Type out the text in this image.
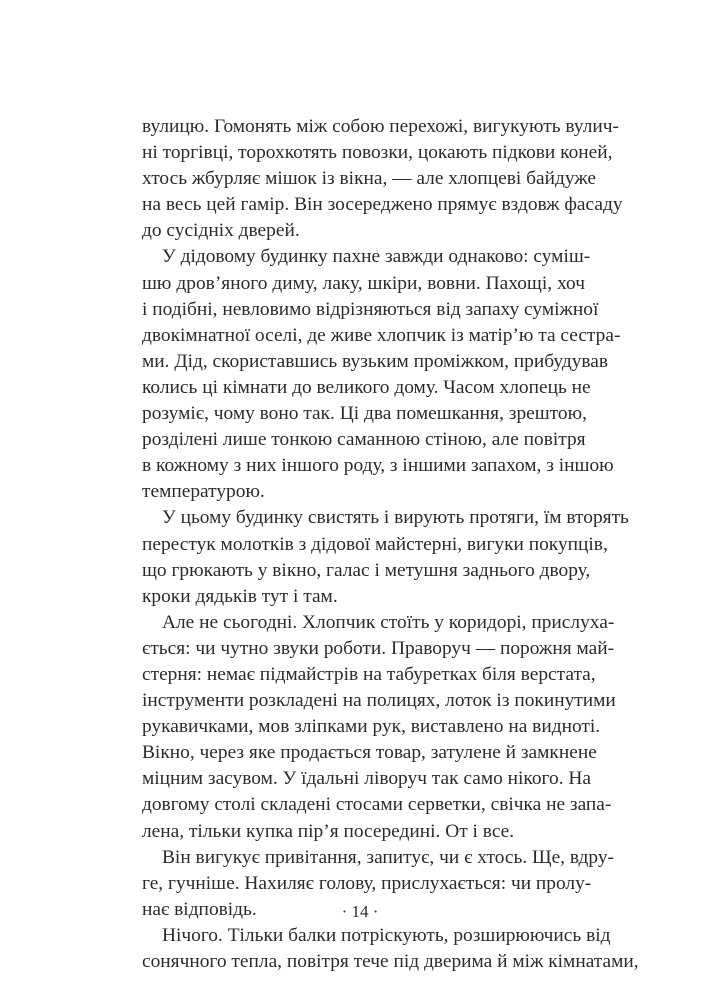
вулицю. Гомонять між собою перехожі, вигукують вулич-
ні торгівці, торохкотять повозки, цокають підкови коней,
хтось жбурляє мішок із вікна, — але хлопцеві байдуже
на весь цей гамір. Він зосереджено прямує вздовж фасаду
до сусідніх дверей.

У дідовому будинку пахне завжди однаково: суміш-
шю дров’яного диму, лаку, шкіри, вовни. Пахощі, хоч
і подібні, невловимо відрізняються від запаху суміжної
двокімнатної оселі, де живе хлопчик із матір’ю та сестра-
ми. Дід, скориставшись вузьким проміжком, прибудував
колись ці кімнати до великого дому. Часом хлопець не
розуміє, чому воно так. Ці два помешкання, зрештою,
розділені лише тонкою саманною стіною, але повітря
в кожному з них іншого роду, з іншими запахом, з іншою
температурою.

У цьому будинку свистять і вирують протяги, їм вторять
перестук молотків з дідової майстерні, вигуки покупців,
що грюкають у вікно, галас і метушня заднього двору,
кроки дядьків тут і там.

Але не сьогодні. Хлопчик стоїть у коридорі, прислуха-
ється: чи чутно звуки роботи. Праворуч — порожня май-
стерня: немає підмайстрів на табуретках біля верстата,
інструменти розкладені на полицях, лоток із покинутими
рукавичками, мов зліпками рук, виставлено на видноті.
Вікно, через яке продається товар, затулене й замкнене
міцним засувом. У їдальні ліворуч так само нікого. На
довгому столі складені стосами серветки, свічка не запа-
лена, тільки купка пір’я посередині. От і все.

Він вигукує привітання, запитує, чи є хтось. Ще, вдру-
ге, гучніше. Нахиляє голову, прислухається: чи пролу-
нає відповідь.

Нічого. Тільки балки потріскують, розширюючись від
сонячного тепла, повітря тече під дверима й між кімнатами,

· 14 ·
